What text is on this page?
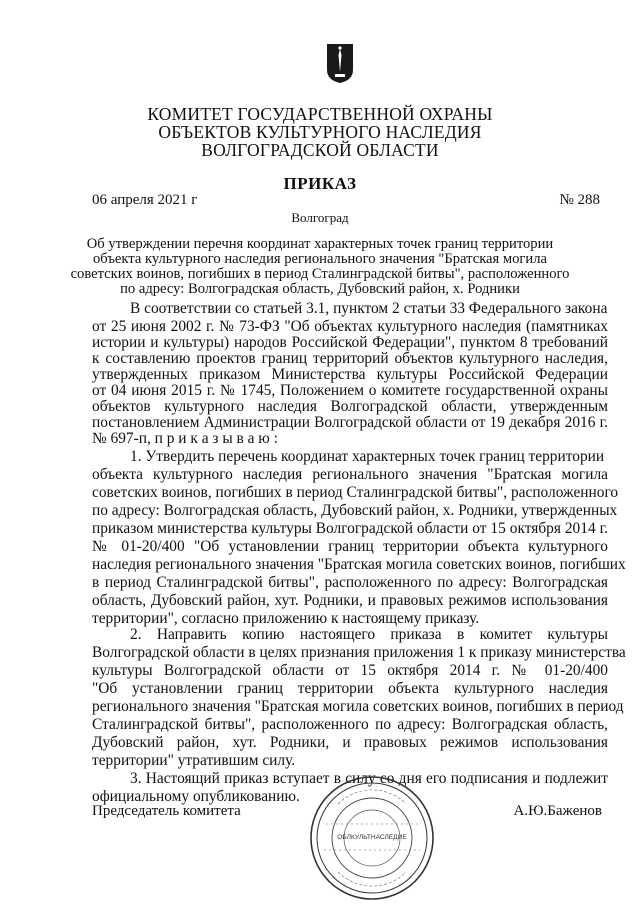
КОМИТЕТ ГОСУДАРСТВЕННОЙ ОХРАНЫ
ОБЪЕКТОВ КУЛЬТУРНОГО НАСЛЕДИЯ
ВОЛГОГРАДСКОЙ ОБЛАСТИ
ПРИКАЗ
06 апреля 2021 г	№ 288
Волгоград
Об утверждении перечня координат характерных точек границ территории
объекта культурного наследия регионального значения "Братская могила
советских воинов, погибших в период Сталинградской битвы", расположенного
по адресу: Волгоградская область, Дубовский район, х. Родники
В соответствии со статьей 3.1, пунктом 2 статьи 33 Федерального закона
от 25 июня 2002 г. № 73-ФЗ "Об объектах культурного наследия (памятниках
истории и культуры) народов Российской Федерации", пунктом 8 требований
к составлению проектов границ территорий объектов культурного наследия,
утвержденных приказом Министерства культуры Российской Федерации
от 04 июня 2015 г. № 1745, Положением о комитете государственной охраны
объектов культурного наследия Волгоградской области, утвержденным
постановлением Администрации Волгоградской области от 19 декабря 2016 г.
№ 697-п, п р и к а з ы в а ю :
1. Утвердить перечень координат характерных точек границ территории
объекта культурного наследия регионального значения "Братская могила
советских воинов, погибших в период Сталинградской битвы", расположенного
по адресу: Волгоградская область, Дубовский район, х. Родники, утвержденных
приказом министерства культуры Волгоградской области от 15 октября 2014 г.
№ 01-20/400 "Об установлении границ территории объекта культурного
наследия регионального значения "Братская могила советских воинов, погибших
в период Сталинградской битвы", расположенного по адресу: Волгоградская
область, Дубовский район, хут. Родники, и правовых режимов использования
территории", согласно приложению к настоящему приказу.
2. Направить копию настоящего приказа в комитет культуры
Волгоградской области в целях признания приложения 1 к приказу министерства
культуры Волгоградской области от 15 октября 2014 г. № 01-20/400
"Об установлении границ территории объекта культурного наследия
регионального значения "Братская могила советских воинов, погибших в период
Сталинградской битвы", расположенного по адресу: Волгоградская область,
Дубовский район, хут. Родники, и правовых режимов использования
территории" утратившим силу.
3. Настоящий приказ вступает в силу со дня его подписания и подлежит
официальному опубликованию.
Председатель комитета	А.Ю.Баженов
ОБЛКУЛЬТНАСЛЕДИЕ
